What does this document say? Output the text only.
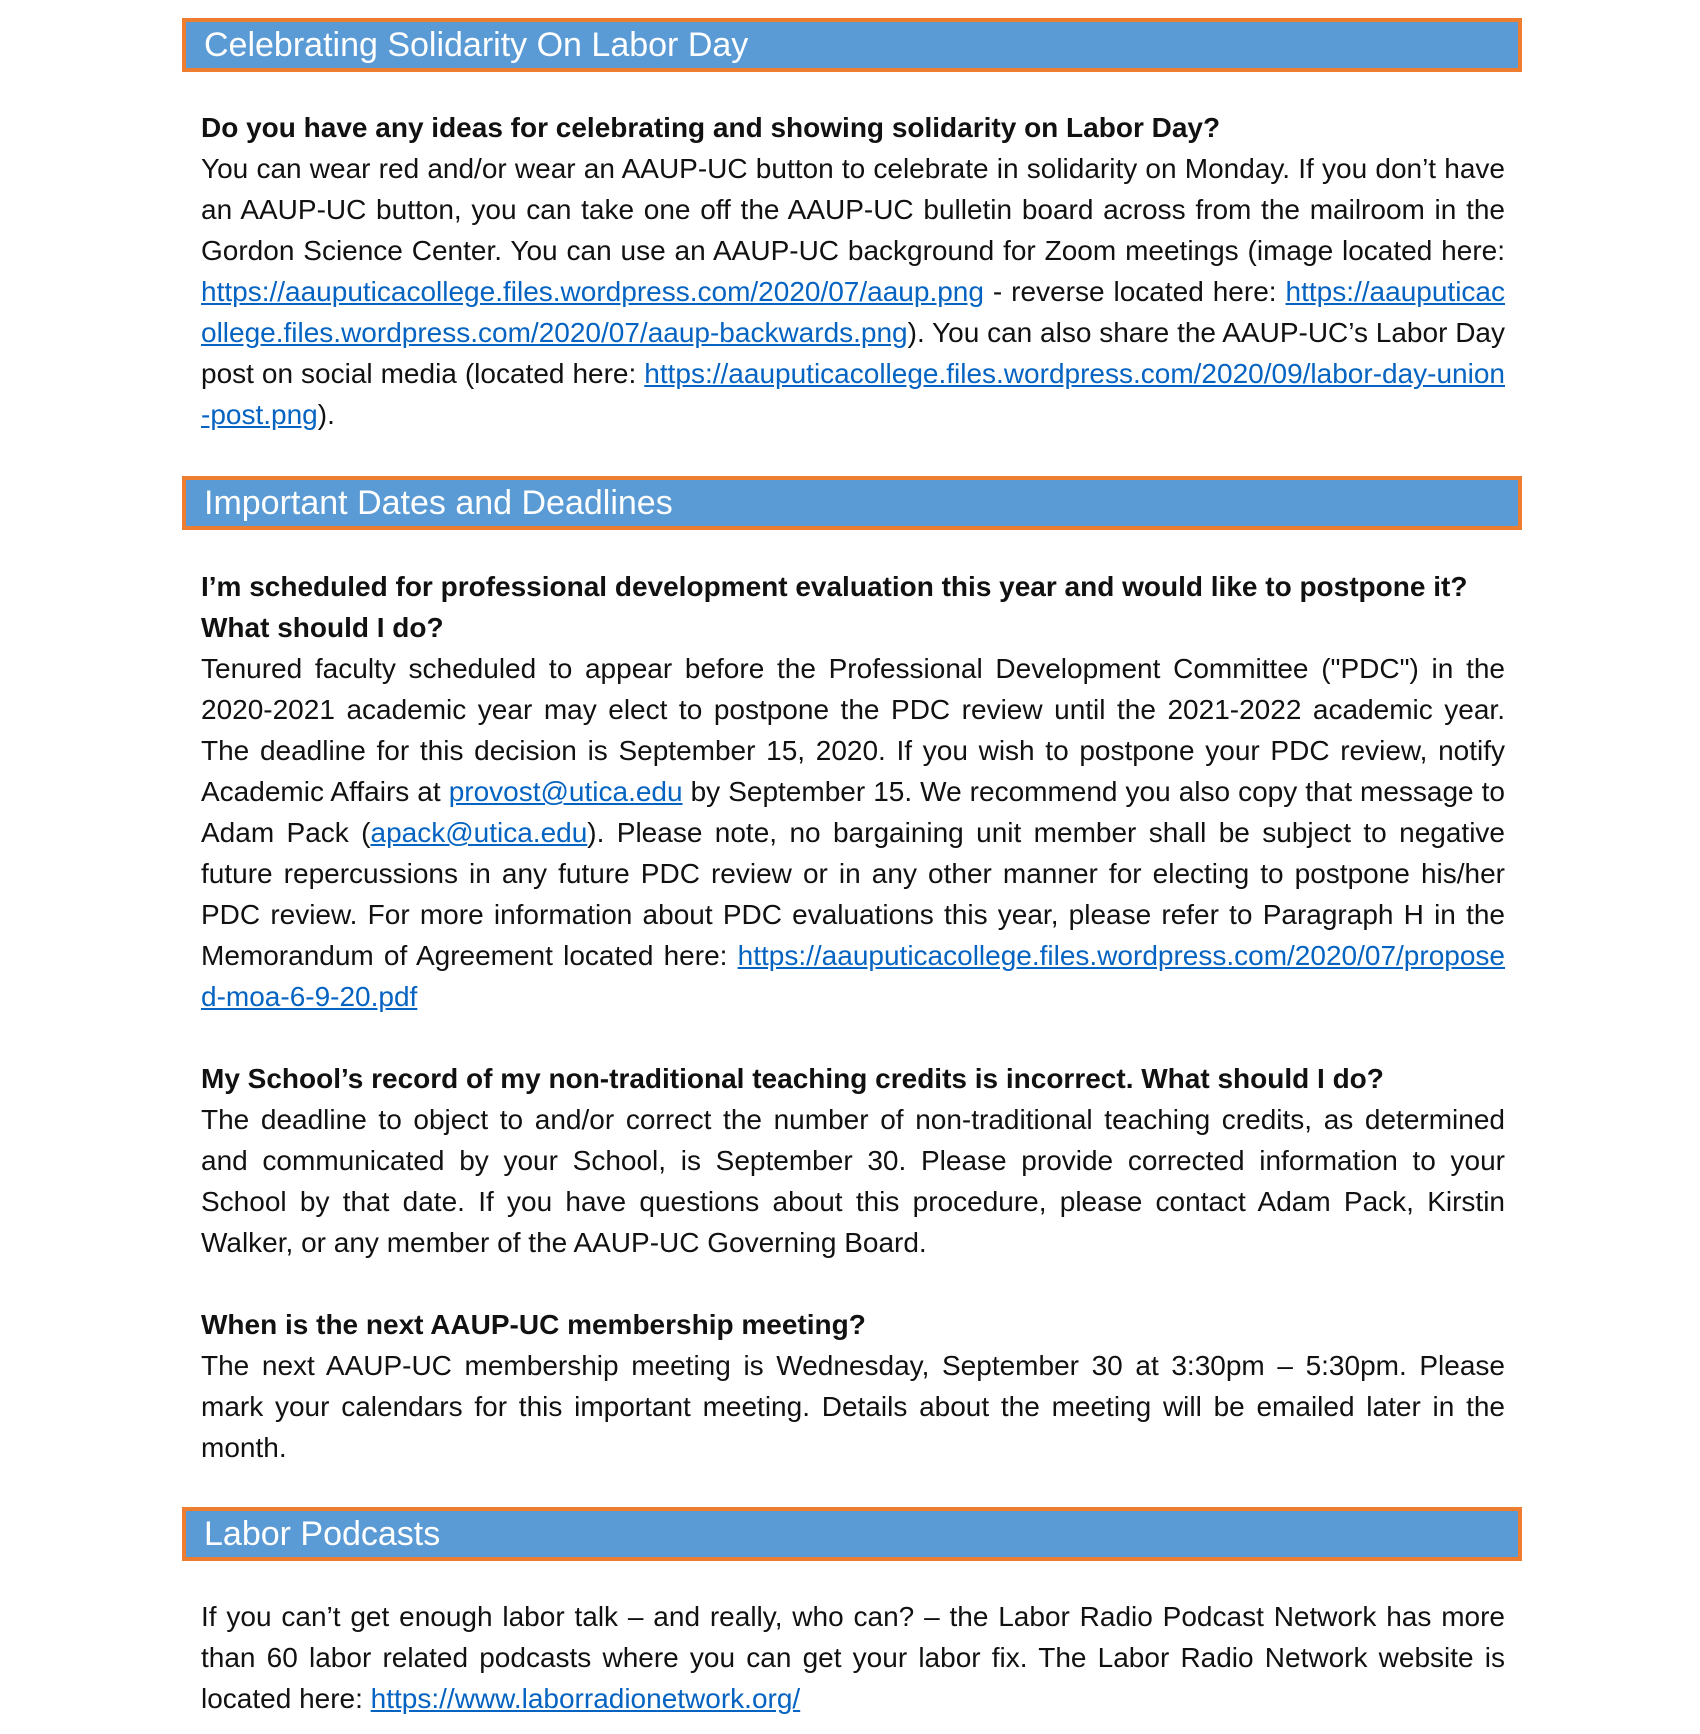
Celebrating Solidarity On Labor Day

Do you have any ideas for celebrating and showing solidarity on Labor Day?

You can wear red and/or wear an AAUP-UC button to celebrate in solidarity on Monday. If you don’t have an AAUP-UC button, you can take one off the AAUP-UC bulletin board across from the mailroom in the Gordon Science Center. You can use an AAUP-UC background for Zoom meetings (image located here: https://aauputicacollege.files.wordpress.com/2020/07/aaup.png - reverse located here: https://aauputicacollege.files.wordpress.com/2020/07/aaup-backwards.png). You can also share the AAUP-UC’s Labor Day post on social media (located here: https://aauputicacollege.files.wordpress.com/2020/09/labor-day-union-post.png).

Important Dates and Deadlines

I’m scheduled for professional development evaluation this year and would like to postpone it? What should I do?

Tenured faculty scheduled to appear before the Professional Development Committee ("PDC") in the 2020-2021 academic year may elect to postpone the PDC review until the 2021-2022 academic year. The deadline for this decision is September 15, 2020. If you wish to postpone your PDC review, notify Academic Affairs at provost@utica.edu by September 15. We recommend you also copy that message to Adam Pack (apack@utica.edu). Please note, no bargaining unit member shall be subject to negative future repercussions in any future PDC review or in any other manner for electing to postpone his/her PDC review. For more information about PDC evaluations this year, please refer to Paragraph H in the Memorandum of Agreement located here: https://aauputicacollege.files.wordpress.com/2020/07/proposed-moa-6-9-20.pdf

My School’s record of my non-traditional teaching credits is incorrect. What should I do?

The deadline to object to and/or correct the number of non-traditional teaching credits, as determined and communicated by your School, is September 30. Please provide corrected information to your School by that date. If you have questions about this procedure, please contact Adam Pack, Kirstin Walker, or any member of the AAUP-UC Governing Board.

When is the next AAUP-UC membership meeting?

The next AAUP-UC membership meeting is Wednesday, September 30 at 3:30pm – 5:30pm. Please mark your calendars for this important meeting. Details about the meeting will be emailed later in the month.

Labor Podcasts

If you can’t get enough labor talk – and really, who can? – the Labor Radio Podcast Network has more than 60 labor related podcasts where you can get your labor fix. The Labor Radio Network website is located here: https://www.laborradionetwork.org/
